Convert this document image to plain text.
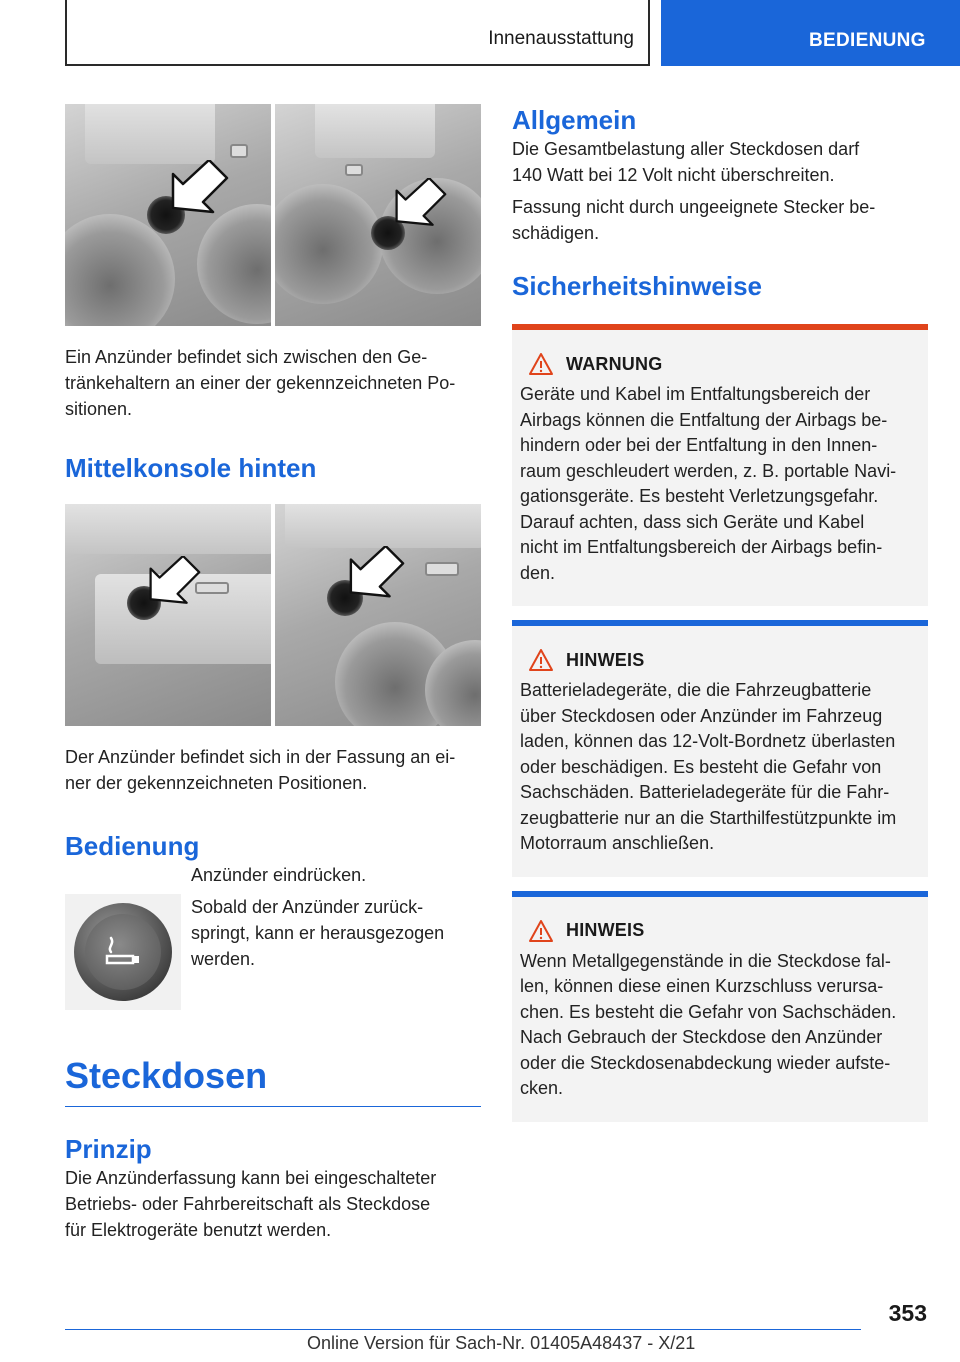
Innenausstattung	BEDIENUNG
Ein Anzünder befindet sich zwischen den Ge-
tränkehaltern an einer der gekennzeichneten Po-
sitionen.
Mittelkonsole hinten
Der Anzünder befindet sich in der Fassung an ei-
ner der gekennzeichneten Positionen.
Bedienung
Anzünder eindrücken.
Sobald der Anzünder zurück-
springt, kann er herausgezogen
werden.
Steckdosen
Prinzip
Die Anzünderfassung kann bei eingeschalteter
Betriebs- oder Fahrbereitschaft als Steckdose
für Elektrogeräte benutzt werden.
Allgemein
Die Gesamtbelastung aller Steckdosen darf
140 Watt bei 12 Volt nicht überschreiten.
Fassung nicht durch ungeeignete Stecker be-
schädigen.
Sicherheitshinweise
WARNUNG
Geräte und Kabel im Entfaltungsbereich der
Airbags können die Entfaltung der Airbags be-
hindern oder bei der Entfaltung in den Innen-
raum geschleudert werden, z. B. portable Navi-
gationsgeräte. Es besteht Verletzungsgefahr.
Darauf achten, dass sich Geräte und Kabel
nicht im Entfaltungsbereich der Airbags befin-
den.
HINWEIS
Batterieladegeräte, die die Fahrzeugbatterie
über Steckdosen oder Anzünder im Fahrzeug
laden, können das 12-Volt-Bordnetz überlasten
oder beschädigen. Es besteht die Gefahr von
Sachschäden. Batterieladegeräte für die Fahr-
zeugbatterie nur an die Starthilfestützpunkte im
Motorraum anschließen.
HINWEIS
Wenn Metallgegenstände in die Steckdose fal-
len, können diese einen Kurzschluss verursa-
chen. Es besteht die Gefahr von Sachschäden.
Nach Gebrauch der Steckdose den Anzünder
oder die Steckdosenabdeckung wieder aufste-
cken.
353
Online Version für Sach-Nr. 01405A48437 - X/21
